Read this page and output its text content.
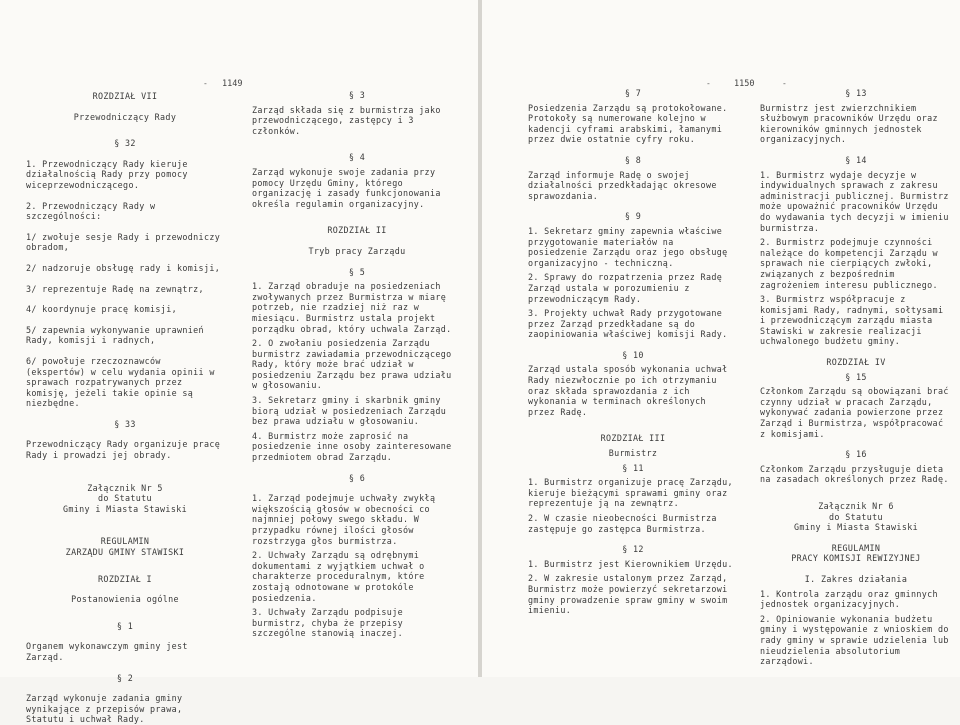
- 1149

ROZDZIAŁ VII

Przewodniczący Rady

§ 32

1. Przewodniczący Rady kieruje działalnością Rady przy pomocy wiceprzewodniczącego.

2. Przewodniczący Rady w szczególności:

1/ zwołuje sesje Rady i przewodniczy obradom,

2/ nadzoruje obsługę rady i komisji,

3/ reprezentuje Radę na zewnątrz,

4/ koordynuje pracę komisji,

5/ zapewnia wykonywanie uprawnień Rady, komisji i radnych,

6/ powołuje rzeczoznawców (ekspertów) w celu wydania opinii w sprawach rozpatrywanych przez komisję, jeżeli takie opinie są niezbędne.

§ 33

Przewodniczący Rady organizuje pracę Rady i prowadzi jej obrady.

Załącznik Nr 5
do Statutu
Gminy i Miasta Stawiski

REGULAMIN
ZARZĄDU GMINY STAWISKI

ROZDZIAŁ I

Postanowienia ogólne

§ 1

Organem wykonawczym gminy jest Zarząd.

§ 2

Zarząd wykonuje zadania gminy wynikające z przepisów prawa, Statutu i uchwał Rady.

§ 3

Zarząd składa się z burmistrza jako przewodniczącego, zastępcy i 3 członków.

§ 4

Zarząd wykonuje swoje zadania przy pomocy Urzędu Gminy, którego organizację i zasady funkcjonowania określa regulamin organizacyjny.

ROZDZIAŁ II

Tryb pracy Zarządu

§ 5

1. Zarząd obraduje na posiedzeniach zwoływanych przez Burmistrza w miarę potrzeb, nie rzadziej niż raz w miesiącu. Burmistrz ustala projekt porządku obrad, który uchwala Zarząd.

2. O zwołaniu posiedzenia Zarządu burmistrz zawiadamia przewodniczącego Rady, który może brać udział w posiedzeniu Zarządu bez prawa udziału w głosowaniu.

3. Sekretarz gminy i skarbnik gminy biorą udział w posiedzeniach Zarządu bez prawa udziału w głosowaniu.

4. Burmistrz może zaprosić na posiedzenie inne osoby zainteresowane przedmiotem obrad Zarządu.

§ 6

1. Zarząd podejmuje uchwały zwykłą większością głosów w obecności co najmniej połowy swego składu. W przypadku równej ilości głosów rozstrzyga głos burmistrza.

2. Uchwały Zarządu są odrębnymi dokumentami z wyjątkiem uchwał o charakterze proceduralnym, które zostają odnotowane w protokóle posiedzenia.

3. Uchwały Zarządu podpisuje burmistrz, chyba że przepisy szczególne stanowią inaczej.

-	1150	-

§ 7

Posiedzenia Zarządu są protokołowane. Protokoły są numerowane kolejno w kadencji cyframi arabskimi, łamanymi przez dwie ostatnie cyfry roku.

§ 8

Zarząd informuje Radę o swojej działalności przedkładając okresowe sprawozdania.

§ 9

1. Sekretarz gminy zapewnia właściwe przygotowanie materiałów na posiedzenie Zarządu oraz jego obsługę organizacyjno - techniczną.

2. Sprawy do rozpatrzenia przez Radę Zarząd ustala w porozumieniu z przewodniczącym Rady.

3. Projekty uchwał Rady przygotowane przez Zarząd przedkładane są do zaopiniowania właściwej komisji Rady.

§ 10

Zarząd ustala sposób wykonania uchwał Rady niezwłocznie po ich otrzymaniu oraz składa sprawozdania z ich wykonania w terminach określonych przez Radę.

ROZDZIAŁ III

Burmistrz

§ 11

1. Burmistrz organizuje pracę Zarządu, kieruje bieżącymi sprawami gminy oraz reprezentuje ją na zewnątrz.

2. W czasie nieobecności Burmistrza zastępuje go zastępca Burmistrza.

§ 12

1. Burmistrz jest Kierownikiem Urzędu.

2. W zakresie ustalonym przez Zarząd, Burmistrz może powierzyć sekretarzowi gminy prowadzenie spraw gminy w swoim imieniu.

§ 13

Burmistrz jest zwierzchnikiem służbowym pracowników Urzędu oraz kierowników gminnych jednostek organizacyjnych.

§ 14

1. Burmistrz wydaje decyzje w indywidualnych sprawach z zakresu administracji publicznej. Burmistrz może upoważnić pracowników Urzędu do wydawania tych decyzji w imieniu burmistrza.

2. Burmistrz podejmuje czynności należące do kompetencji Zarządu w sprawach nie cierpiących zwłoki, związanych z bezpośrednim zagrożeniem interesu publicznego.

3. Burmistrz współpracuje z komisjami Rady, radnymi, sołtysami i przewodniczącym zarządu miasta Stawiski w zakresie realizacji uchwalonego budżetu gminy.

ROZDZIAŁ IV

§ 15

Członkom Zarządu są obowiązani brać czynny udział w pracach Zarządu, wykonywać zadania powierzone przez Zarząd i Burmistrza, współpracować z komisjami.

§ 16

Członkom Zarządu przysługuje dieta na zasadach określonych przez Radę.

Załącznik Nr 6
do Statutu
Gminy i Miasta Stawiski

REGULAMIN
PRACY KOMISJI REWIZYJNEJ

I. Zakres działania

1. Kontrola zarządu oraz gminnych jednostek organizacyjnych.

2. Opiniowanie wykonania budżetu gminy i występowanie z wnioskiem do rady gminy w sprawie udzielenia lub nieudzielenia absolutorium zarządowi.
